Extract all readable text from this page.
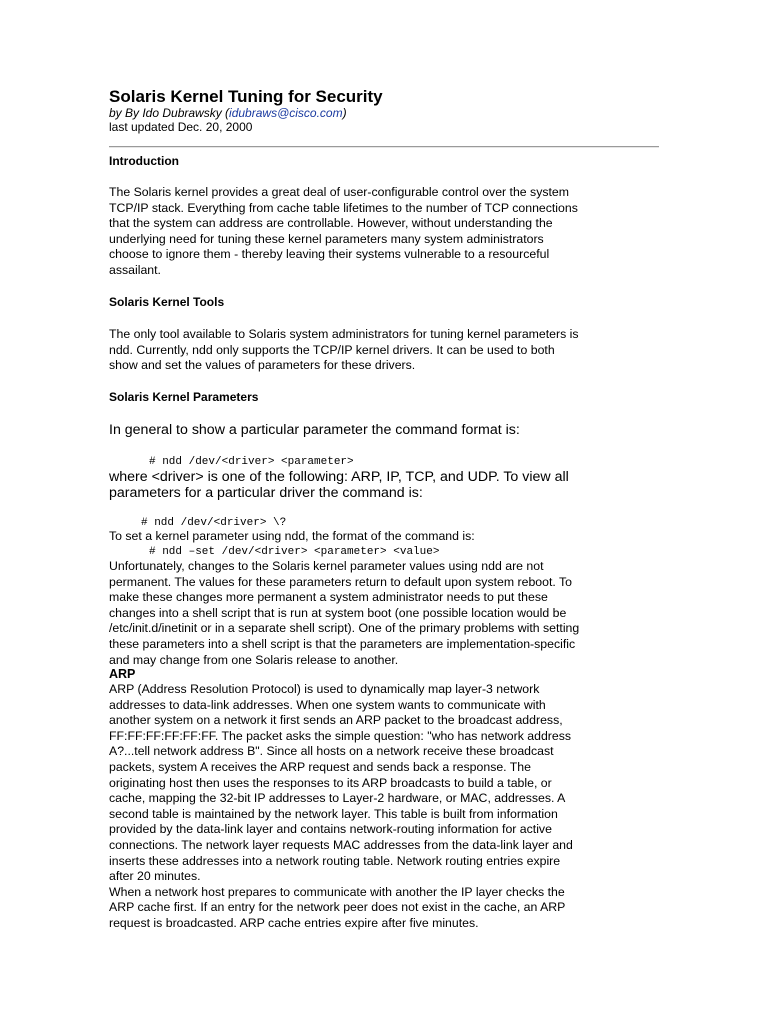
Solaris Kernel Tuning for Security
by By Ido Dubrawsky (idubraws@cisco.com)
last updated Dec. 20, 2000
Introduction
The Solaris kernel provides a great deal of user-configurable control over the system
TCP/IP stack. Everything from cache table lifetimes to the number of TCP connections
that the system can address are controllable. However, without understanding the
underlying need for tuning these kernel parameters many system administrators
choose to ignore them - thereby leaving their systems vulnerable to a resourceful
assailant.
Solaris Kernel Tools
The only tool available to Solaris system administrators for tuning kernel parameters is
ndd. Currently, ndd only supports the TCP/IP kernel drivers. It can be used to both
show and set the values of parameters for these drivers.
Solaris Kernel Parameters
In general to show a particular parameter the command format is:
# ndd /dev/<driver> <parameter>
where <driver> is one of the following: ARP, IP, TCP, and UDP. To view all
parameters for a particular driver the command is:
# ndd /dev/<driver> \?
To set a kernel parameter using ndd, the format of the command is:
# ndd –set /dev/<driver> <parameter> <value>
Unfortunately, changes to the Solaris kernel parameter values using ndd are not
permanent. The values for these parameters return to default upon system reboot. To
make these changes more permanent a system administrator needs to put these
changes into a shell script that is run at system boot (one possible location would be
/etc/init.d/inetinit or in a separate shell script). One of the primary problems with setting
these parameters into a shell script is that the parameters are implementation-specific
and may change from one Solaris release to another.
ARP
ARP (Address Resolution Protocol) is used to dynamically map layer-3 network
addresses to data-link addresses. When one system wants to communicate with
another system on a network it first sends an ARP packet to the broadcast address,
FF:FF:FF:FF:FF:FF. The packet asks the simple question: "who has network address
A?...tell network address B". Since all hosts on a network receive these broadcast
packets, system A receives the ARP request and sends back a response. The
originating host then uses the responses to its ARP broadcasts to build a table, or
cache, mapping the 32-bit IP addresses to Layer-2 hardware, or MAC, addresses. A
second table is maintained by the network layer. This table is built from information
provided by the data-link layer and contains network-routing information for active
connections. The network layer requests MAC addresses from the data-link layer and
inserts these addresses into a network routing table. Network routing entries expire
after 20 minutes.
When a network host prepares to communicate with another the IP layer checks the
ARP cache first. If an entry for the network peer does not exist in the cache, an ARP
request is broadcasted. ARP cache entries expire after five minutes.
